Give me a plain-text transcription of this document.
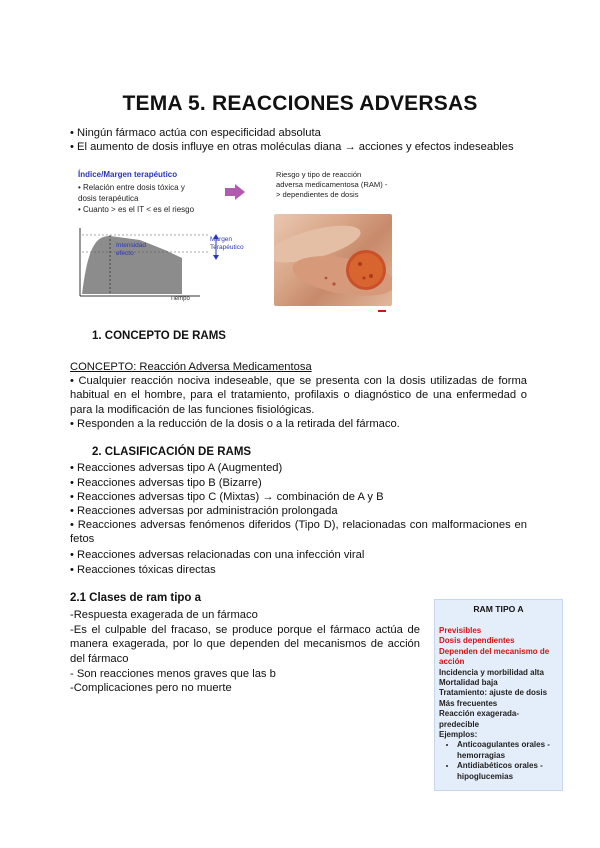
TEMA 5. REACCIONES ADVERSAS
• Ningún fármaco actúa con especificidad absoluta
• El aumento de dosis influye en otras moléculas diana → acciones y efectos indeseables
Índice/Margen terapéutico
• Relación entre dosis tóxica y
dosis terapéutica
• Cuanto > es el IT < es el riesgo
Intensidad
efecto
Margen
Terapéutico
Tiempo
Riesgo y tipo de reacción adversa medicamentosa (RAM) -> dependientes de dosis
1. CONCEPTO DE RAMS
CONCEPTO: Reacción Adversa Medicamentosa
• Cualquier reacción nociva indeseable, que se presenta con la dosis utilizadas de forma habitual en el hombre, para el tratamiento, profilaxis o diagnóstico de una enfermedad o para la modificación de las funciones fisiológicas.
• Responden a la reducción de la dosis o a la retirada del fármaco.
2. CLASIFICACIÓN DE RAMS
• Reacciones adversas tipo A (Augmented)
• Reacciones adversas tipo B (Bizarre)
• Reacciones adversas tipo C (Mixtas) → combinación de A y B
• Reacciones adversas por administración prolongada
• Reacciones adversas fenómenos diferidos (Tipo D), relacionadas con malformaciones en fetos
• Reacciones adversas relacionadas con una infección viral
• Reacciones tóxicas directas
2.1 Clases de ram tipo a
-Respuesta exagerada de un fármaco
-Es el culpable del fracaso, se produce porque el fármaco actúa de manera exagerada, por lo que dependen del mecanismos de acción del fármaco
- Son reacciones menos graves que las b
-Complicaciones pero no muerte
RAM TIPO A
Previsibles
Dosis dependientes
Dependen del mecanismo de acción
Incidencia y morbilidad alta
Mortalidad baja
Tratamiento: ajuste de dosis
Más frecuentes
Reacción exagerada-predecible
Ejemplos:
• Anticoagulantes orales - hemorragias
• Antidiabéticos orales - hipoglucemias
